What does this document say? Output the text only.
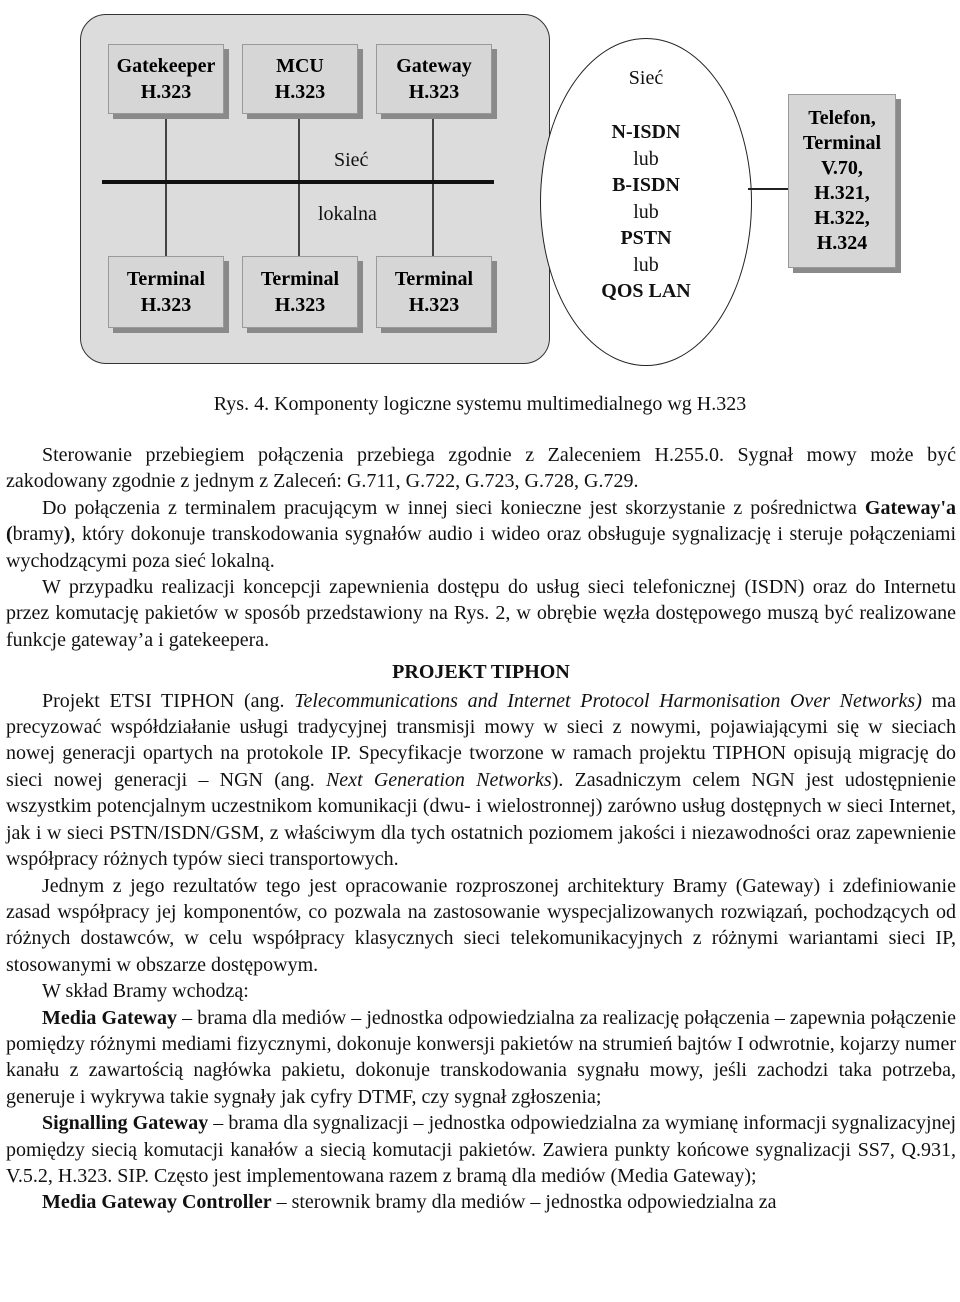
Gatekeeper
H.323
MCU
H.323
Gateway
H.323
Terminal
H.323
Terminal
H.323
Terminal
H.323
Sieć
lokalna
Sieć
N-ISDN
lub
B-ISDN
lub
PSTN
lub
QOS LAN
Telefon,
Terminal
V.70,
H.321,
H.322,
H.324
Rys. 4. Komponenty logiczne systemu multimedialnego wg H.323

Sterowanie przebiegiem połączenia przebiega zgodnie z Zaleceniem H.255.0. Sygnał mowy może być zakodowany zgodnie z jednym z Zaleceń: G.711, G.722, G.723, G.728, G.729.

Do połączenia z terminalem pracującym w innej sieci konieczne jest skorzystanie z pośrednictwa Gateway'a (bramy), który dokonuje transkodowania sygnałów audio i wideo oraz obsługuje sygnalizację i steruje połączeniami wychodzącymi poza sieć lokalną.

W przypadku realizacji koncepcji zapewnienia dostępu do usług sieci telefonicznej (ISDN) oraz do Internetu przez komutację pakietów w sposób przedstawiony na Rys. 2, w obrębie węzła dostępowego muszą być realizowane funkcje gateway’a i gatekeepera.

PROJEKT TIPHON

Projekt ETSI TIPHON (ang. Telecommunications and Internet Protocol Harmonisation Over Networks) ma precyzować współdziałanie usługi tradycyjnej transmisji mowy w sieci z nowymi, pojawiającymi się w sieciach nowej generacji opartych na protokole IP. Specyfikacje tworzone w ramach projektu TIPHON opisują migrację do sieci nowej generacji – NGN (ang. Next Generation Networks). Zasadniczym celem NGN jest udostępnienie wszystkim potencjalnym uczestnikom komunikacji (dwu- i wielostronnej) zarówno usług dostępnych w sieci Internet, jak i w sieci PSTN/ISDN/GSM, z właściwym dla tych ostatnich poziomem jakości i niezawodności oraz zapewnienie współpracy różnych typów sieci transportowych.

Jednym z jego rezultatów tego jest opracowanie rozproszonej architektury Bramy (Gateway) i zdefiniowanie zasad współpracy jej komponentów, co pozwala na zastosowanie wyspecjalizowanych rozwiązań, pochodzących od różnych dostawców, w celu współpracy klasycznych sieci telekomunikacyjnych z różnymi wariantami sieci IP, stosowanymi w obszarze dostępowym.

W skład Bramy wchodzą:

Media Gateway – brama dla mediów – jednostka odpowiedzialna za realizację połączenia – zapewnia połączenie pomiędzy różnymi mediami fizycznymi, dokonuje konwersji pakietów na strumień bajtów I odwrotnie, kojarzy numer kanału z zawartością nagłówka pakietu, dokonuje transkodowania sygnału mowy, jeśli zachodzi taka potrzeba, generuje i wykrywa takie sygnały jak cyfry DTMF, czy sygnał zgłoszenia;

Signalling Gateway – brama dla sygnalizacji – jednostka odpowiedzialna za wymianę informacji sygnalizacyjnej pomiędzy siecią komutacji kanałów a siecią komutacji pakietów. Zawiera punkty końcowe sygnalizacji SS7, Q.931, V.5.2, H.323. SIP. Często jest implementowana razem z bramą dla mediów (Media Gateway);

Media Gateway Controller – sterownik bramy dla mediów – jednostka odpowiedzialna za
